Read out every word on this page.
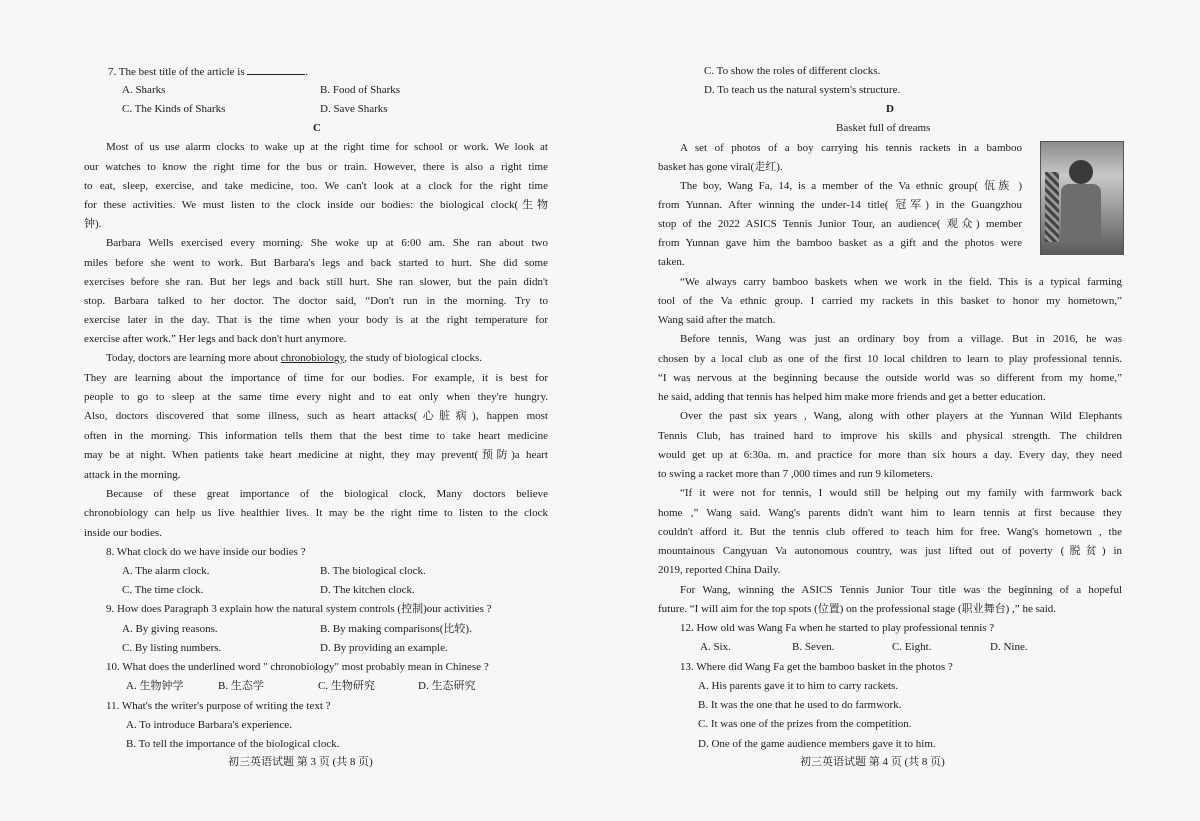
7. The best title of the article is	.
A. Sharks	B. Food of Sharks
C. The Kinds of Sharks	D. Save Sharks
C
Most of us use alarm clocks to wake up at the right time for school or work. We look at
our watches to know the right time for the bus or train. However, there is also a right time
to eat, sleep, exercise, and take medicine, too. We can't look at a clock for the right time
for these activities. We must listen to the clock inside our bodies: the biological clock(生物
钟).
Barbara Wells exercised every morning. She woke up at 6:00 am. She ran about two
miles before she went to work. But Barbara's legs and back started to hurt. She did some
exercises before she ran. But her legs and back still hurt. She ran slower, but the pain didn't
stop. Barbara talked to her doctor. The doctor said, “Don't run in the morning. Try to
exercise later in the day. That is the time when your body is at the right temperature for
exercise after work.” Her legs and back don't hurt anymore.
Today, doctors are learning more about chronobiology, the study of biological clocks.
They are learning about the importance of time for our bodies. For example, it is best for
people to go to sleep at the same time every night and to eat only when they're hungry.
Also, doctors discovered that some illness, such as heart attacks(心脏病), happen most
often in the morning. This information tells them that the best time to take heart medicine
may be at night. When patients take heart medicine at night, they may prevent(预防)a heart
attack in the morning.
Because of these great importance of the biological clock, Many doctors believe
chronobiology can help us live healthier lives. It may be the right time to listen to the clock
inside our bodies.
8. What clock do we have inside our bodies ?
A. The alarm clock.	B. The biological clock.
C. The time clock.	D. The kitchen clock.
9. How does Paragraph 3 explain how the natural system controls (控制)our activities ?
A. By giving reasons.	B. By making comparisons(比较).
C. By listing numbers.	D. By providing an example.
10. What does the underlined word " chronobiology" most probably mean in Chinese ?
A. 生物钟学	B. 生态学	C. 生物研究	D. 生态研究
11. What's the writer's purpose of writing the text ?
A. To introduce Barbara's experience.
B. To tell the importance of the biological clock.
初三英语试题 第 3 页 (共 8 页)
C. To show the roles of different clocks.
D. To teach us the natural system's structure.
D
Basket full of dreams
A set of photos of a boy carrying his tennis rackets in a bamboo
basket has gone viral(走红).
The boy, Wang Fa, 14, is a member of the Va ethnic group( 佤族 )
from Yunnan. After winning the under-14 title( 冠军) in the Guangzhou
stop of the 2022 ASICS Tennis Junior Tour, an audience( 观众) member
from Yunnan gave him the bamboo basket as a gift and the photos were
taken.
“We always carry bamboo baskets when we work in the field. This is a typical farming
tool of the Va ethnic group. I carried my rackets in this basket to honor my hometown,”
Wang said after the match.
Before tennis, Wang was just an ordinary boy from a village. But in 2016, he was
chosen by a local club as one of the first 10 local children to learn to play professional tennis.
“I was nervous at the beginning because the outside world was so different from my home,”
he said, adding that tennis has helped him make more friends and get a better education.
Over the past six years , Wang, along with other players at the Yunnan Wild Elephants
Tennis Club, has trained hard to improve his skills and physical strength. The children
would get up at 6:30a. m. and practice for more than six hours a day. Every day, they need
to swing a racket more than 7 ,000 times and run 9 kilometers.
“If it were not for tennis, I would still be helping out my family with farmwork back
home ,” Wang said. Wang's parents didn't want him to learn tennis at first because they
couldn't afford it. But the tennis club offered to teach him for free. Wang's hometown , the
mountainous Cangyuan Va autonomous country, was just lifted out of poverty (脱贫) in
2019, reported China Daily.
For Wang, winning the ASICS Tennis Junior Tour title was the beginning of a hopeful
future. “I will aim for the top spots (位置) on the professional stage (职业舞台) ,” he said.
12. How old was Wang Fa when he started to play professional tennis ?
A. Six.	B. Seven.	C. Eight.	D. Nine.
13. Where did Wang Fa get the bamboo basket in the photos ?
A. His parents gave it to him to carry rackets.
B. It was the one that he used to do farmwork.
C. It was one of the prizes from the competition.
D. One of the game audience members gave it to him.
初三英语试题 第 4 页 (共 8 页)
